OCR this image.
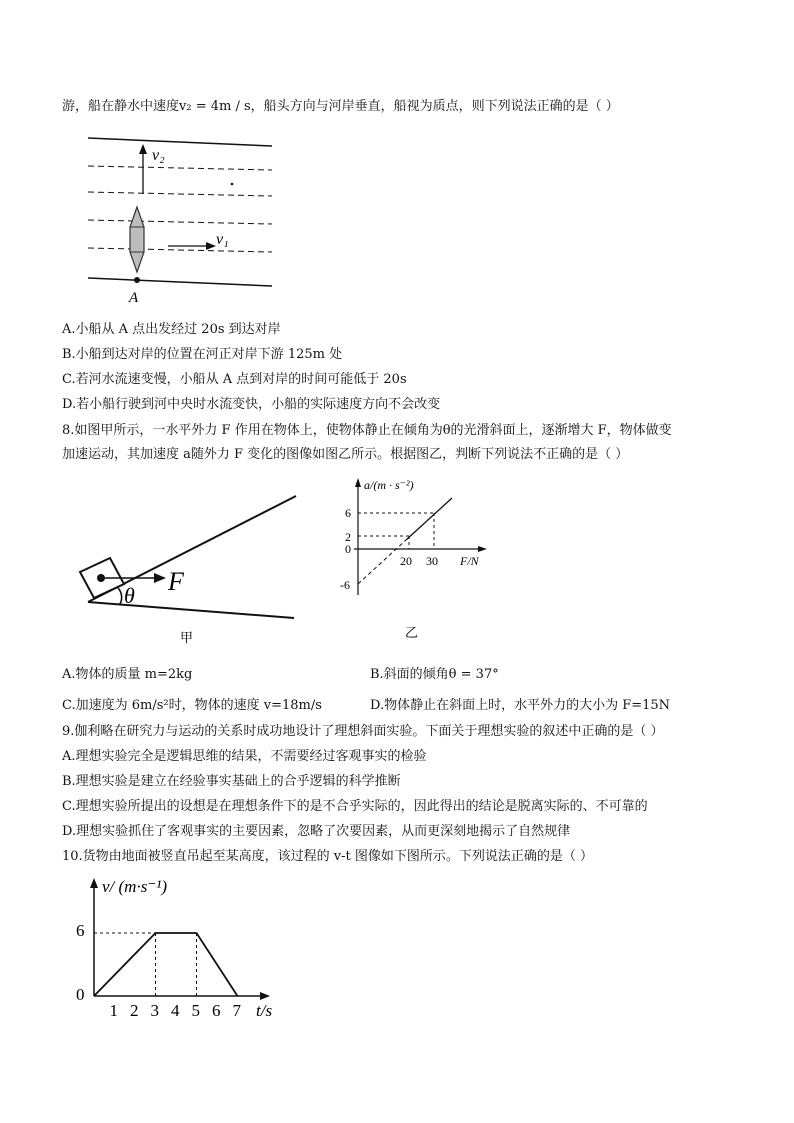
游，船在静水中速度v₂ = 4m / s，船头方向与河岸垂直，船视为质点，则下列说法正确的是（ ）
v₂
v₁
A
A.小船从 A 点出发经过 20s 到达对岸
B.小船到达对岸的位置在河正对岸下游 125m 处
C.若河水流速变慢，小船从 A 点到对岸的时间可能低于 20s
D.若小船行驶到河中央时水流变快，小船的实际速度方向不会改变
8.如图甲所示，一水平外力 F 作用在物体上，使物体静止在倾角为θ的光滑斜面上，逐渐增大 F，物体做变
加速运动，其加速度 a随外力 F 变化的图像如图乙所示。根据图乙，判断下列说法不正确的是（ ）
F
θ
甲
a/(m · s⁻²)
F/N
6
2
0
-6
20 30
乙
A.物体的质量 m=2kg	B.斜面的倾角θ = 37°
C.加速度为 6m/s²时，物体的速度 v=18m/s	D.物体静止在斜面上时，水平外力的大小为 F=15N
9.伽利略在研究力与运动的关系时成功地设计了理想斜面实验。下面关于理想实验的叙述中正确的是（ ）
A.理想实验完全是逻辑思维的结果，不需要经过客观事实的检验
B.理想实验是建立在经验事实基础上的合乎逻辑的科学推断
C.理想实验所提出的设想是在理想条件下的是不合乎实际的，因此得出的结论是脱离实际的、不可靠的
D.理想实验抓住了客观事实的主要因素，忽略了次要因素，从而更深刻地揭示了自然规律
10.货物由地面被竖直吊起至某高度，该过程的 v-t 图像如下图所示。下列说法正确的是（ ）
v/ (m·s⁻¹)
t/s
6
0
1 2 3 4 5 6 7
